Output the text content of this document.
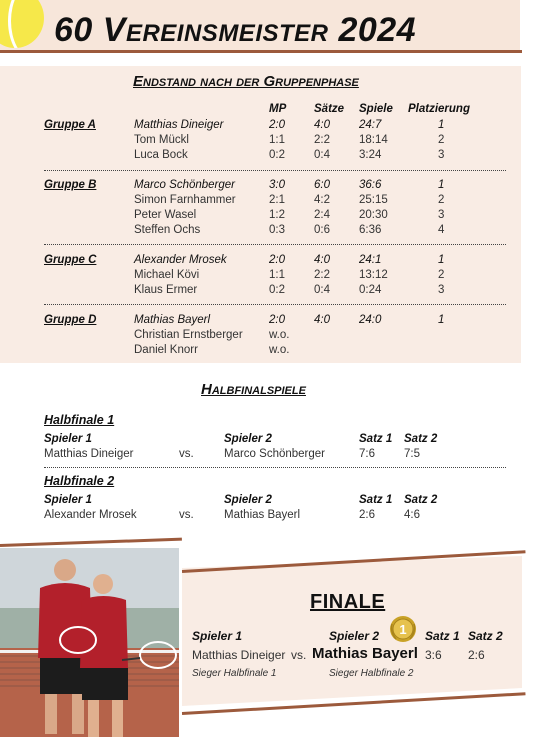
60 Vereinsmeister 2024
Endstand nach der Gruppenphase
MP Sätze Spiele Platzierung
Gruppe A	Matthias Dineiger	2:0	4:0	24:7	1
Tom Mückl	1:1	2:2	18:14	2
Luca Bock	0:2	0:4	3:24	3
Gruppe B	Marco Schönberger	3:0	6:0	36:6	1
Simon Farnhammer	2:1	4:2	25:15	2
Peter Wasel	1:2	2:4	20:30	3
Steffen Ochs	0:3	0:6	6:36	4
Gruppe C	Alexander Mrosek	2:0	4:0	24:1	1
Michael Kövi	1:1	2:2	13:12	2
Klaus Ermer	0:2	0:4	0:24	3
Gruppe D	Mathias Bayerl	2:0	4:0	24:0	1
Christian Ernstberger w.o.
Daniel Knorr	w.o.
Halbfinalspiele
Halbfinale 1
Spieler 1	Spieler 2	Satz 1 Satz 2
Matthias Dineiger	vs.	Marco Schönberger	7:6	7:5
Halbfinale 2
Spieler 1	Spieler 2	Satz 1 Satz 2
Alexander Mrosek	vs.	Mathias Bayerl	2:6	4:6
FINALE
1
Spieler 1	Spieler 2	Satz 1 Satz 2
Matthias Dineiger vs. Mathias Bayerl 3:6 2:6
Sieger Halbfinale 1	Sieger Halbfinale 2
